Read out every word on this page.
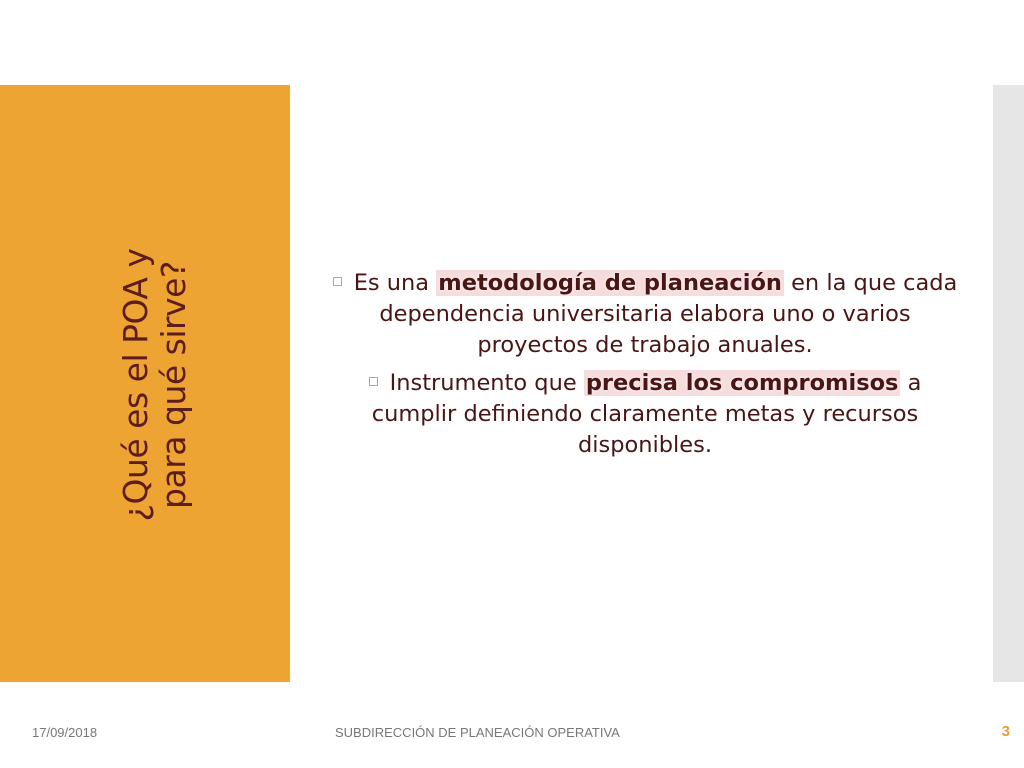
¿Qué es el POA y para qué sirve?	Es una metodología de planeación en la que cada dependencia universitaria elabora uno o varios proyectos de trabajo anuales.
Instrumento que precisa los compromisos a cumplir definiendo claramente metas y recursos disponibles.
17/09/2018	SUBDIRECCIÓN DE PLANEACIÓN OPERATIVA	3
